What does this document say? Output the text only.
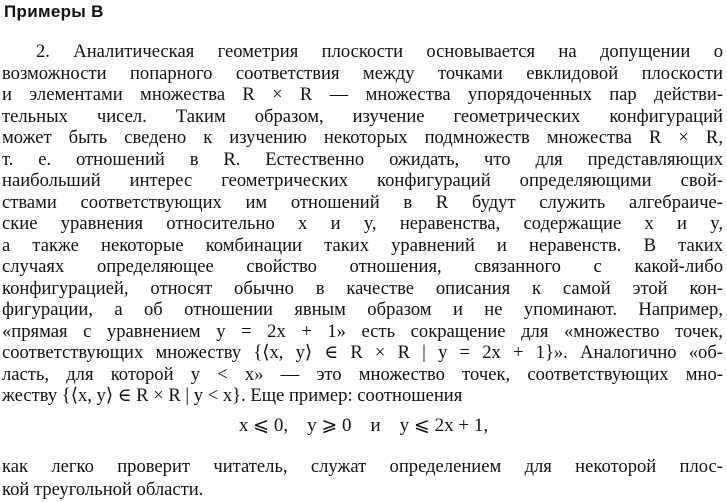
Примеры В
2. Аналитическая геометрия плоскости основывается на допущении о
возможности попарного соответствия между точками евклидовой плоскости
и элементами множества R × R — множества упорядоченных пар действи-
тельных чисел. Таким образом, изучение геометрических конфигураций
может быть сведено к изучению некоторых подмножеств множества R × R,
т. е. отношений в R. Естественно ожидать, что для представляющих
наибольший интерес геометрических конфигураций определяющими свой-
ствами соответствующих им отношений в R будут служить алгебраиче-
ские уравнения относительно x и y, неравенства, содержащие x и y,
а также некоторые комбинации таких уравнений и неравенств. В таких
случаях определяющее свойство отношения, связанного с какой-либо
конфигурацией, относят обычно в качестве описания к самой этой кон-
фигурации, а об отношении явным образом и не упоминают. Например,
«прямая с уравнением y = 2x + 1» есть сокращение для «множество точек,
соответствующих множеству {⟨x, y⟩ ∈ R × R | y = 2x + 1}». Аналогично «об-
ласть, для которой y < x» — это множество точек, соответствующих мно-
жеству {⟨x, y⟩ ∈ R × R | y < x}. Еще пример: соотношения
x ⩽ 0,    y ⩾ 0    и    y ⩽ 2x + 1,
как легко проверит читатель, служат определением для некоторой плос-
кой треугольной области.
